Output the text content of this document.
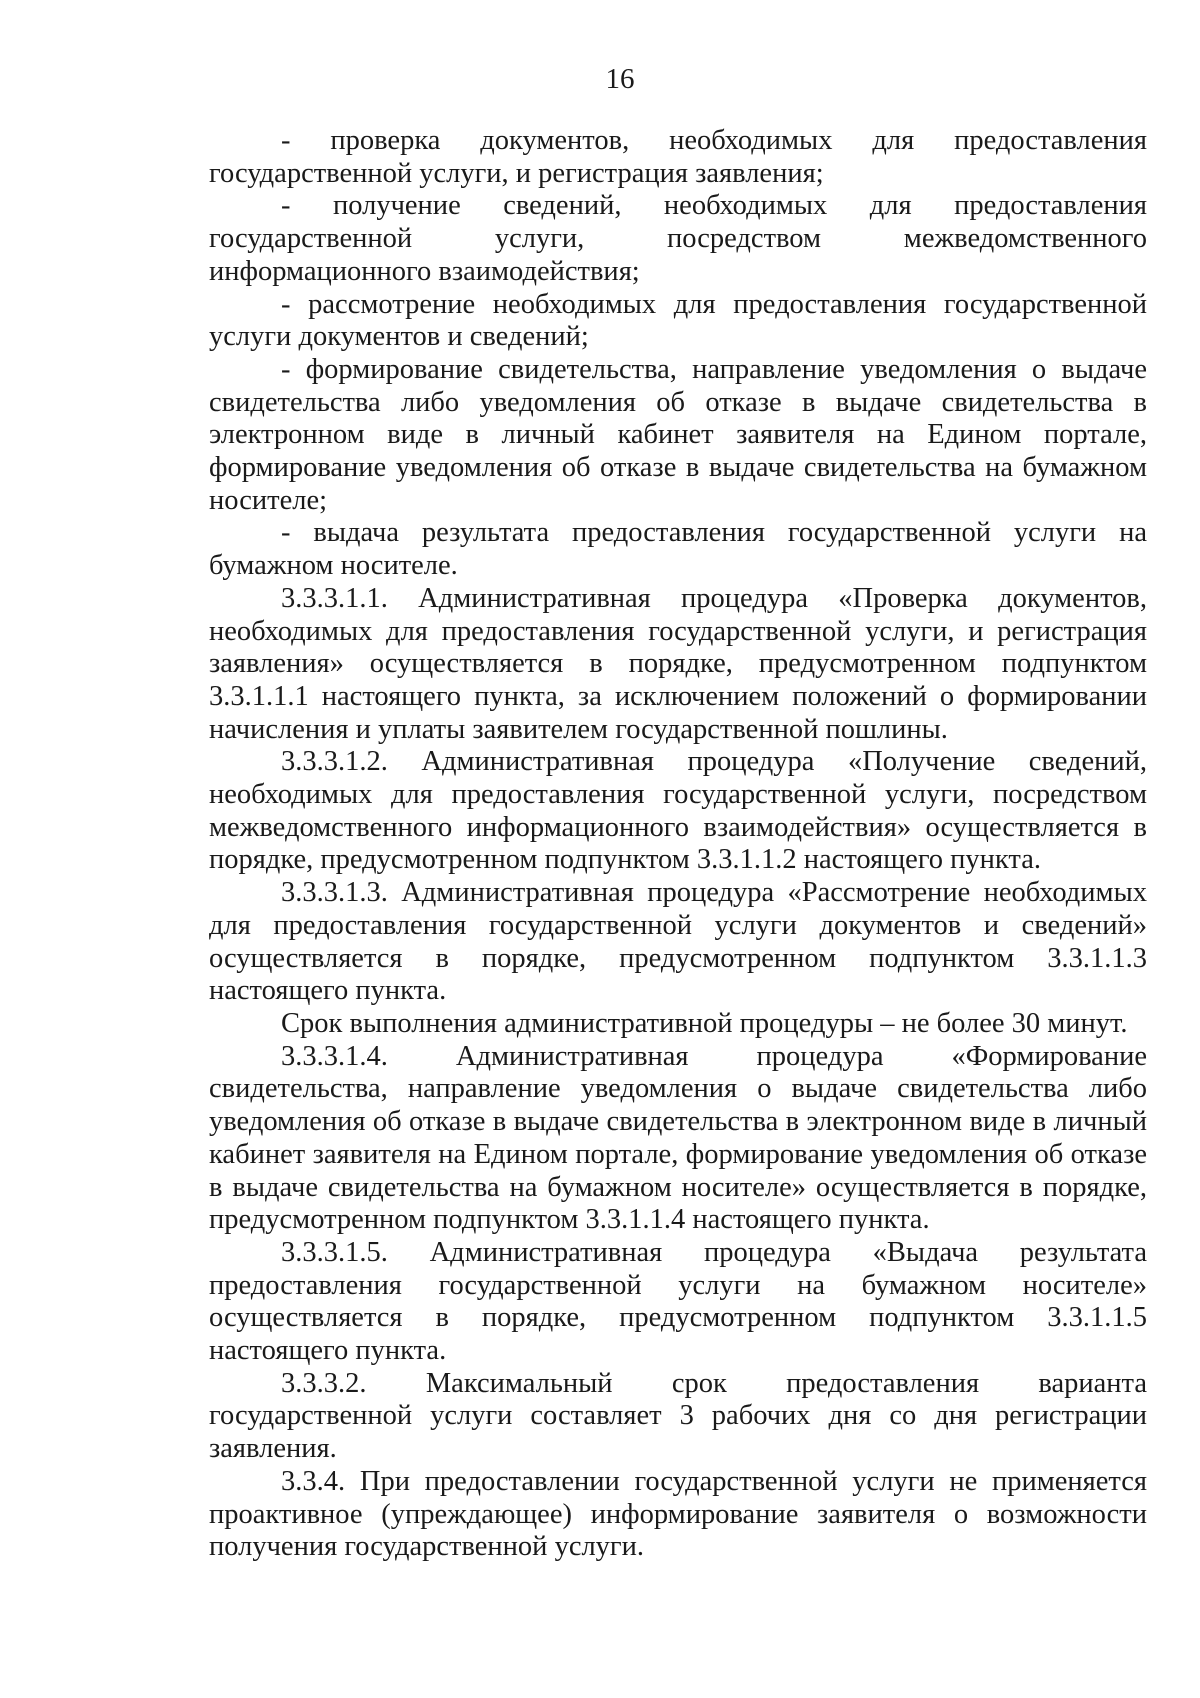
16

- проверка документов, необходимых для предоставления государственной услуги, и регистрация заявления;

- получение сведений, необходимых для предоставления государственной услуги, посредством межведомственного информационного взаимодействия;

- рассмотрение необходимых для предоставления государственной услуги документов и сведений;

- формирование свидетельства, направление уведомления о выдаче свидетельства либо уведомления об отказе в выдаче свидетельства в электронном виде в личный кабинет заявителя на Едином портале, формирование уведомления об отказе в выдаче свидетельства на бумажном носителе;

- выдача результата предоставления государственной услуги на бумажном носителе.

3.3.3.1.1. Административная процедура «Проверка документов, необходимых для предоставления государственной услуги, и регистрация заявления» осуществляется в порядке, предусмотренном подпунктом 3.3.1.1.1 настоящего пункта, за исключением положений о формировании начисления и уплаты заявителем государственной пошлины.

3.3.3.1.2. Административная процедура «Получение сведений, необходимых для предоставления государственной услуги, посредством межведомственного информационного взаимодействия» осуществляется в порядке, предусмотренном подпунктом 3.3.1.1.2 настоящего пункта.

3.3.3.1.3. Административная процедура «Рассмотрение необходимых для предоставления государственной услуги документов и сведений» осуществляется в порядке, предусмотренном подпунктом 3.3.1.1.3 настоящего пункта.

Срок выполнения административной процедуры – не более 30 минут.

3.3.3.1.4. Административная процедура «Формирование свидетельства, направление уведомления о выдаче свидетельства либо уведомления об отказе в выдаче свидетельства в электронном виде в личный кабинет заявителя на Едином портале, формирование уведомления об отказе в выдаче свидетельства на бумажном носителе» осуществляется в порядке, предусмотренном подпунктом 3.3.1.1.4 настоящего пункта.

3.3.3.1.5. Административная процедура «Выдача результата предоставления государственной услуги на бумажном носителе» осуществляется в порядке, предусмотренном подпунктом 3.3.1.1.5 настоящего пункта.

3.3.3.2. Максимальный срок предоставления варианта государственной услуги составляет 3 рабочих дня со дня регистрации заявления.

3.3.4. При предоставлении государственной услуги не применяется проактивное (упреждающее) информирование заявителя о возможности получения государственной услуги.
